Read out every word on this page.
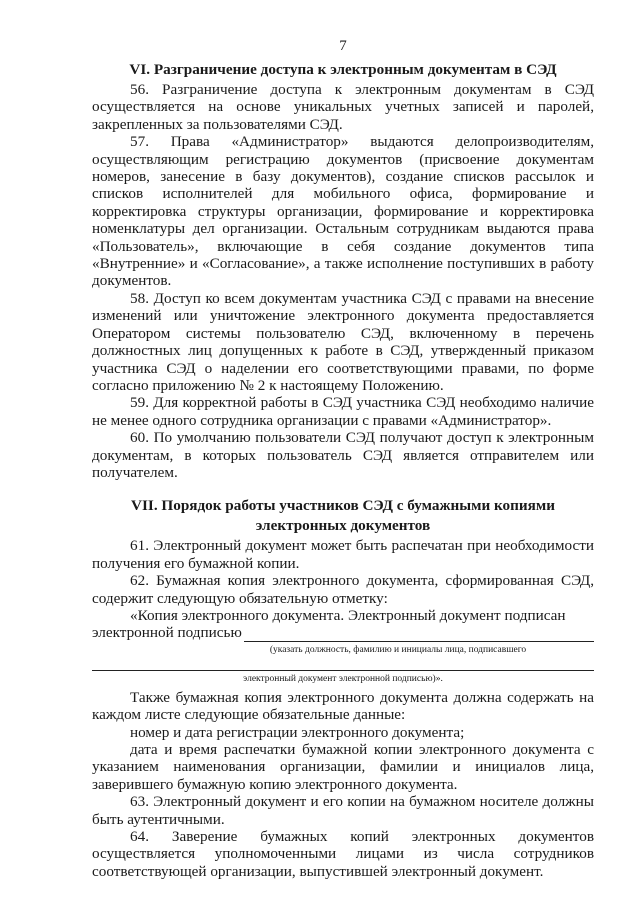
7

VI. Разграничение доступа к электронным документам в СЭД

56. Разграничение доступа к электронным документам в СЭД осуществляется на основе уникальных учетных записей и паролей, закрепленных за пользователями СЭД.

57. Права «Администратор» выдаются делопроизводителям, осуществляющим регистрацию документов (присвоение документам номеров, занесение в базу документов), создание списков рассылок и списков исполнителей для мобильного офиса, формирование и корректировка структуры организации, формирование и корректировка номенклатуры дел организации. Остальным сотрудникам выдаются права «Пользователь», включающие в себя создание документов типа «Внутренние» и «Согласование», а также исполнение поступивших в работу документов.

58. Доступ ко всем документам участника СЭД с правами на внесение изменений или уничтожение электронного документа предоставляется Оператором системы пользователю СЭД, включенному в перечень должностных лиц допущенных к работе в СЭД, утвержденный приказом участника СЭД о наделении его соответствующими правами, по форме согласно приложению № 2 к настоящему Положению.

59. Для корректной работы в СЭД участника СЭД необходимо наличие не менее одного сотрудника организации с правами «Администратор».

60. По умолчанию пользователи СЭД получают доступ к электронным документам, в которых пользователь СЭД является отправителем или получателем.

VII. Порядок работы участников СЭД с бумажными копиями

электронных документов

61. Электронный документ может быть распечатан при необходимости получения его бумажной копии.

62. Бумажная копия электронного документа, сформированная СЭД, содержит следующую обязательную отметку:

«Копия электронного документа. Электронный документ подписан

электронной подписью

(указать должность, фамилию и инициалы лица, подписавшего

электронный документ электронной подписью)».

Также бумажная копия электронного документа должна содержать на каждом листе следующие обязательные данные:

номер и дата регистрации электронного документа;

дата и время распечатки бумажной копии электронного документа с указанием наименования организации, фамилии и инициалов лица, заверившего бумажную копию электронного документа.

63. Электронный документ и его копии на бумажном носителе должны быть аутентичными.

64. Заверение бумажных копий электронных документов осуществляется уполномоченными лицами из числа сотрудников соответствующей организации, выпустившей электронный документ.
